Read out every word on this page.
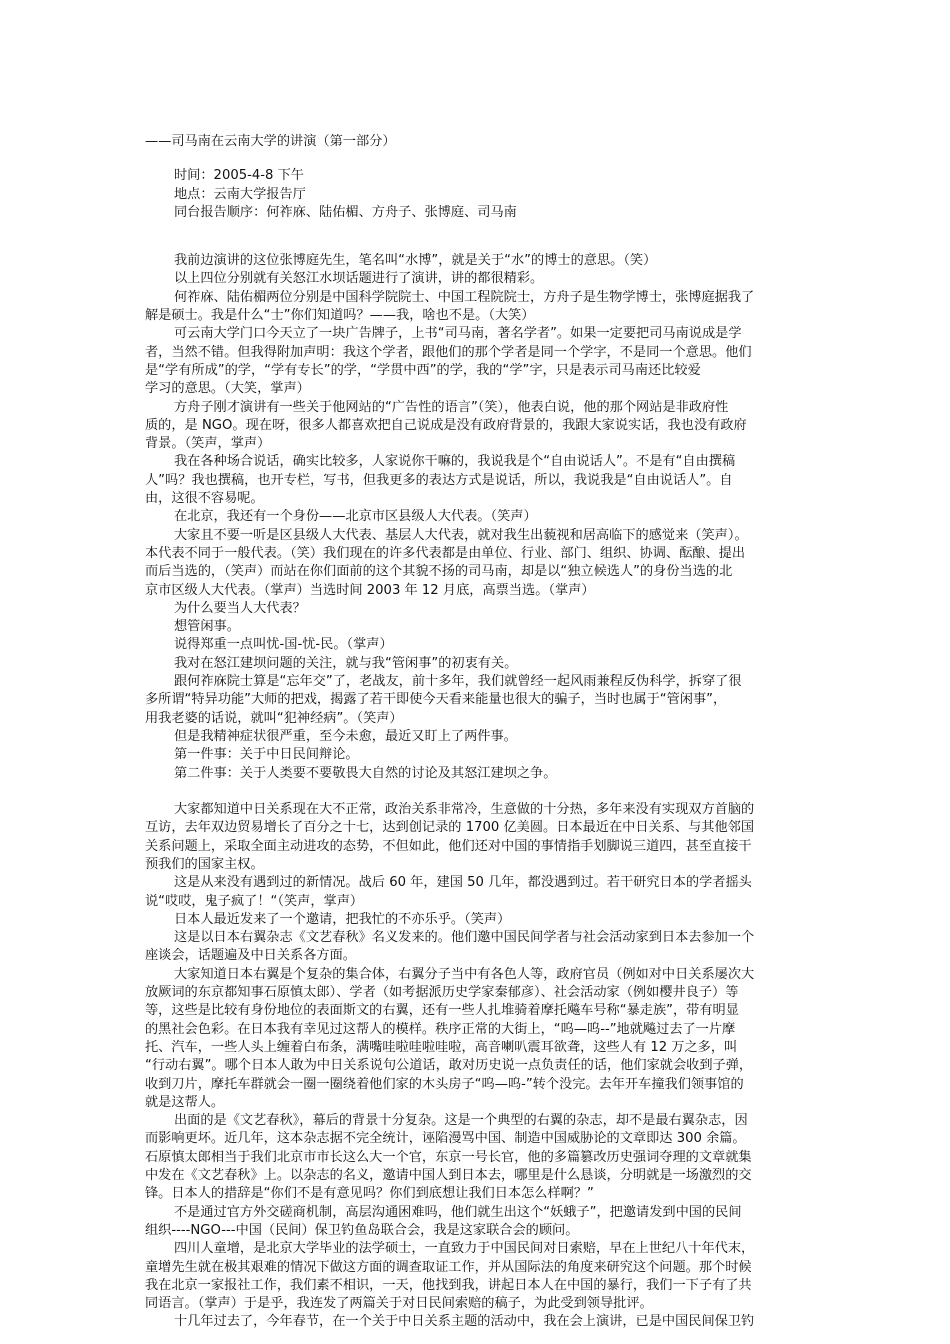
——司马南在云南大学的讲演（第一部分）

时间：2005-4-8 下午

地点：云南大学报告厅

同台报告顺序：何祚庥、陆佑楣、方舟子、张博庭、司马南

我前边演讲的这位张博庭先生，笔名叫“水博”，就是关于“水”的博士的意思。（笑）

以上四位分别就有关怒江水坝话题进行了演讲，讲的都很精彩。

何祚庥、陆佑楣两位分别是中国科学院院士、中国工程院院士，方舟子是生物学博士，张博庭据我了

解是硕士。我是什么“士”你们知道吗？——我，啥也不是。（大笑）

可云南大学门口今天立了一块广告牌子，上书“司马南，著名学者”。如果一定要把司马南说成是学

者，当然不错。但我得附加声明：我这个学者，跟他们的那个学者是同一个学字，不是同一个意思。他们

是“学有所成”的学，“学有专长”的学，“学贯中西”的学，我的“学”字，只是表示司马南还比较爱

学习的意思。（大笑，掌声）

方舟子刚才演讲有一些关于他网站的“广告性的语言”（笑），他表白说，他的那个网站是非政府性

质的，是 NGO。现在呀，很多人都喜欢把自己说成是没有政府背景的，我跟大家说实话，我也没有政府

背景。（笑声，掌声）

我在各种场合说话，确实比较多，人家说你干嘛的，我说我是个“自由说话人”。不是有“自由撰稿

人”吗？我也撰稿，也开专栏，写书，但我更多的表达方式是说话，所以，我说我是“自由说话人”。自

由，这很不容易呢。

在北京，我还有一个身份——北京市区县级人大代表。（笑声）

大家且不要一听是区县级人大代表、基层人大代表，就对我生出藐视和居高临下的感觉来（笑声）。

本代表不同于一般代表。（笑）我们现在的许多代表都是由单位、行业、部门、组织、协调、酝酿、提出

而后当选的，（笑声）而站在你们面前的这个其貌不扬的司马南，却是以“独立候选人”的身份当选的北

京市区级人大代表。（掌声）当选时间 2003 年 12 月底，高票当选。（掌声）

为什么要当人大代表？

想管闲事。

说得郑重一点叫忧-国-忧-民。（掌声）

我对在怒江建坝问题的关注，就与我“管闲事”的初衷有关。

跟何祚庥院士算是“忘年交”了，老战友，前十多年，我们就曾经一起风雨兼程反伪科学，拆穿了很

多所谓“特异功能”大师的把戏，揭露了若干即使今天看来能量也很大的骗子，当时也属于“管闲事”，

用我老婆的话说，就叫“犯神经病”。（笑声）

但是我精神症状很严重，至今未愈，最近又盯上了两件事。

第一件事：关于中日民间辩论。

第二件事：关于人类要不要敬畏大自然的讨论及其怒江建坝之争。

大家都知道中日关系现在大不正常，政治关系非常冷，生意做的十分热，多年来没有实现双方首脑的

互访，去年双边贸易增长了百分之十七，达到创记录的 1700 亿美圆。日本最近在中日关系、与其他邻国

关系问题上，采取全面主动进攻的态势，不但如此，他们还对中国的事情指手划脚说三道四，甚至直接干

预我们的国家主权。

这是从来没有遇到过的新情况。战后 60 年，建国 50 几年，都没遇到过。若干研究日本的学者摇头

说“哎哎，鬼子疯了！“（笑声，掌声）

日本人最近发来了一个邀请，把我忙的不亦乐乎。（笑声）

这是以日本右翼杂志《文艺春秋》名义发来的。他们邀中国民间学者与社会活动家到日本去参加一个

座谈会，话题遍及中日关系各方面。

大家知道日本右翼是个复杂的集合体，右翼分子当中有各色人等，政府官员（例如对中日关系屡次大

放厥词的东京都知事石原慎太郎）、学者（如考据派历史学家秦郁彦）、社会活动家（例如樱井良子）等

等，这些是比较有身份地位的表面斯文的右翼，还有一些人扎堆骑着摩托飚车号称“暴走族”，带有明显

的黑社会色彩。在日本我有幸见过这帮人的模样。秩序正常的大街上，“呜—呜--”地就飚过去了一片摩

托、汽车，一些人头上缠着白布条，满嘴哇啦哇啦哇啦，高音喇叭震耳欲聋，这些人有 12 万之多，叫

“行动右翼”。哪个日本人敢为中日关系说句公道话，敢对历史说一点负责任的话，他们家就会收到子弹，

收到刀片，摩托车群就会一圈一圈绕着他们家的木头房子“呜—呜-”转个没完。去年开车撞我们领事馆的

就是这帮人。

出面的是《文艺春秋》，幕后的背景十分复杂。这是一个典型的右翼的杂志，却不是最右翼杂志，因

而影响更坏。近几年，这本杂志据不完全统计，诬陷漫骂中国、制造中国威胁论的文章即达 300 余篇。

石原慎太郎相当于我们北京市市长这么大一个官，东京一号长官，他的多篇篡改历史强词夺理的文章就集

中发在《文艺春秋》上。以杂志的名义，邀请中国人到日本去，哪里是什么恳谈，分明就是一场激烈的交

锋。日本人的措辞是“你们不是有意见吗？你们到底想让我们日本怎么样啊？”

不是通过官方外交磋商机制，高层沟通困难吗，他们就生出这个“妖蛾子”，把邀请发到中国的民间

组织----NGO---中国（民间）保卫钓鱼岛联合会，我是这家联合会的顾问。

四川人童增，是北京大学毕业的法学硕士，一直致力于中国民间对日索赔，早在上世纪八十年代末，

童增先生就在极其艰难的情况下做这方面的调查取证工作，并从国际法的角度来研究这个问题。那个时候

我在北京一家报社工作，我们素不相识，一天，他找到我，讲起日本人在中国的暴行，我们一下子有了共

同语言。（掌声）于是乎，我连发了两篇关于对日民间索赔的稿子，为此受到领导批评。

十几年过去了，今年春节，在一个关于中日关系主题的活动中，我在会上演讲，已是中国民间保卫钓
